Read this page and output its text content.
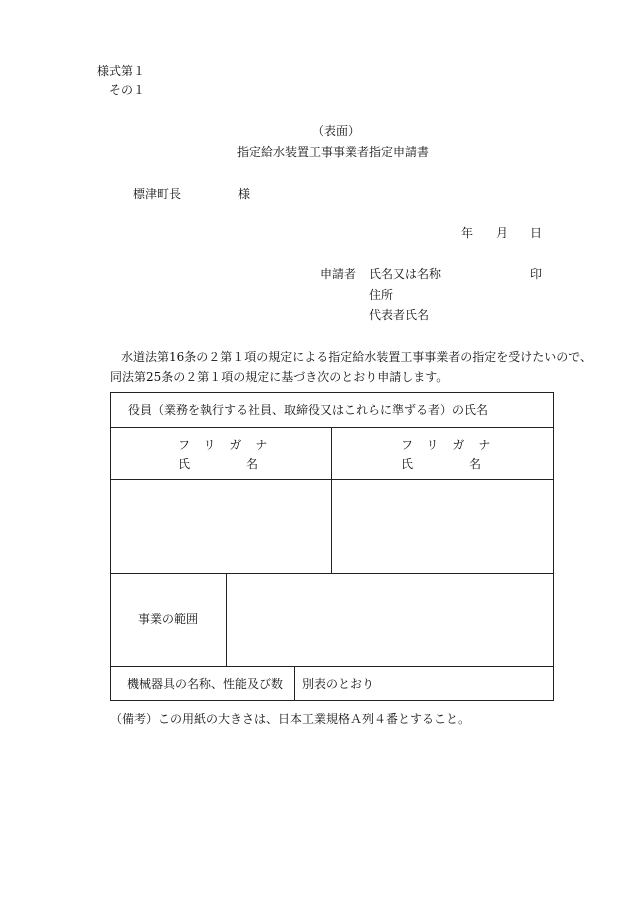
様式第１
その１
（表面）
指定給水装置工事事業者指定申請書
標津町長	様
年 月 日
申請者 氏名又は名称	印
住所
代表者氏名
水道法第16条の２第１項の規定による指定給水装置工事事業者の指定を受けたいので、
同法第25条の２第１項の規定に基づき次のとおり申請します。
役員（業務を執行する社員、取締役又はこれらに準ずる者）の氏名
フリガナ
氏名
フリガナ
氏名
事業の範囲
機械器具の名称、性能及び数 別表のとおり
（備考）この用紙の大きさは、日本工業規格Ａ列４番とすること。
